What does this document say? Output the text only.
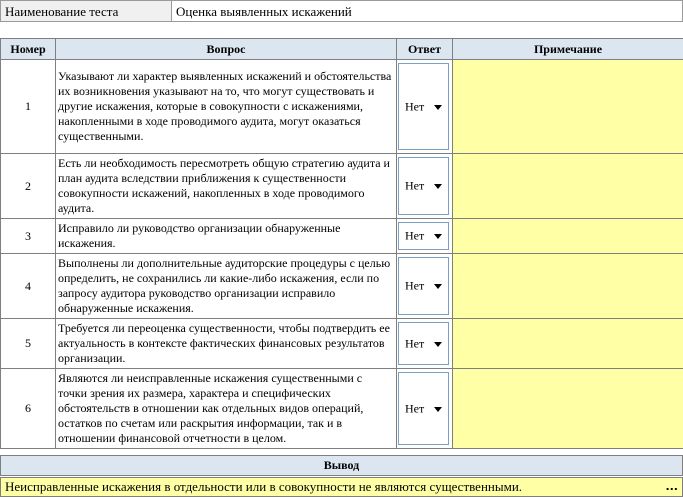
Наименование теста	Оценка выявленных искажений
Номер	Вопрос	Ответ	Примечание
1	Указывают ли характер выявленных искажений и обстоятельства их возникновения указывают на то, что могут существовать и другие искажения, которые в совокупности с искажениями, накопленными в ходе проводимого аудита, могут оказаться существенными.	Нет	

2	Есть ли необходимость пересмотреть общую стратегию аудита и план аудита вследствии приближения к существенности совокупности искажений, накопленных в ходе проводимого аудита.	Нет	

3	Исправило ли руководство организации обнаруженные искажения.	Нет	

4	Выполнены ли дополнительные аудиторские процедуры с целью определить, не сохранились ли какие-либо искажения, если по запросу аудитора руководство организации исправило обнаруженные искажения.	Нет	

5	Требуется ли переоценка существенности, чтобы подтвердить ее актуальность в контексте фактических финансовых результатов организации.	Нет	

6	Являются ли неисправленные искажения существенными с точки зрения их размера, характера и специфических обстоятельств в отношении как отдельных видов операций, остатков по счетам или раскрытия информации, так и в отношении финансовой отчетности в целом.	Нет	

Вывод
Неисправленные искажения в отдельности или в совокупности не являются существенными.	...
